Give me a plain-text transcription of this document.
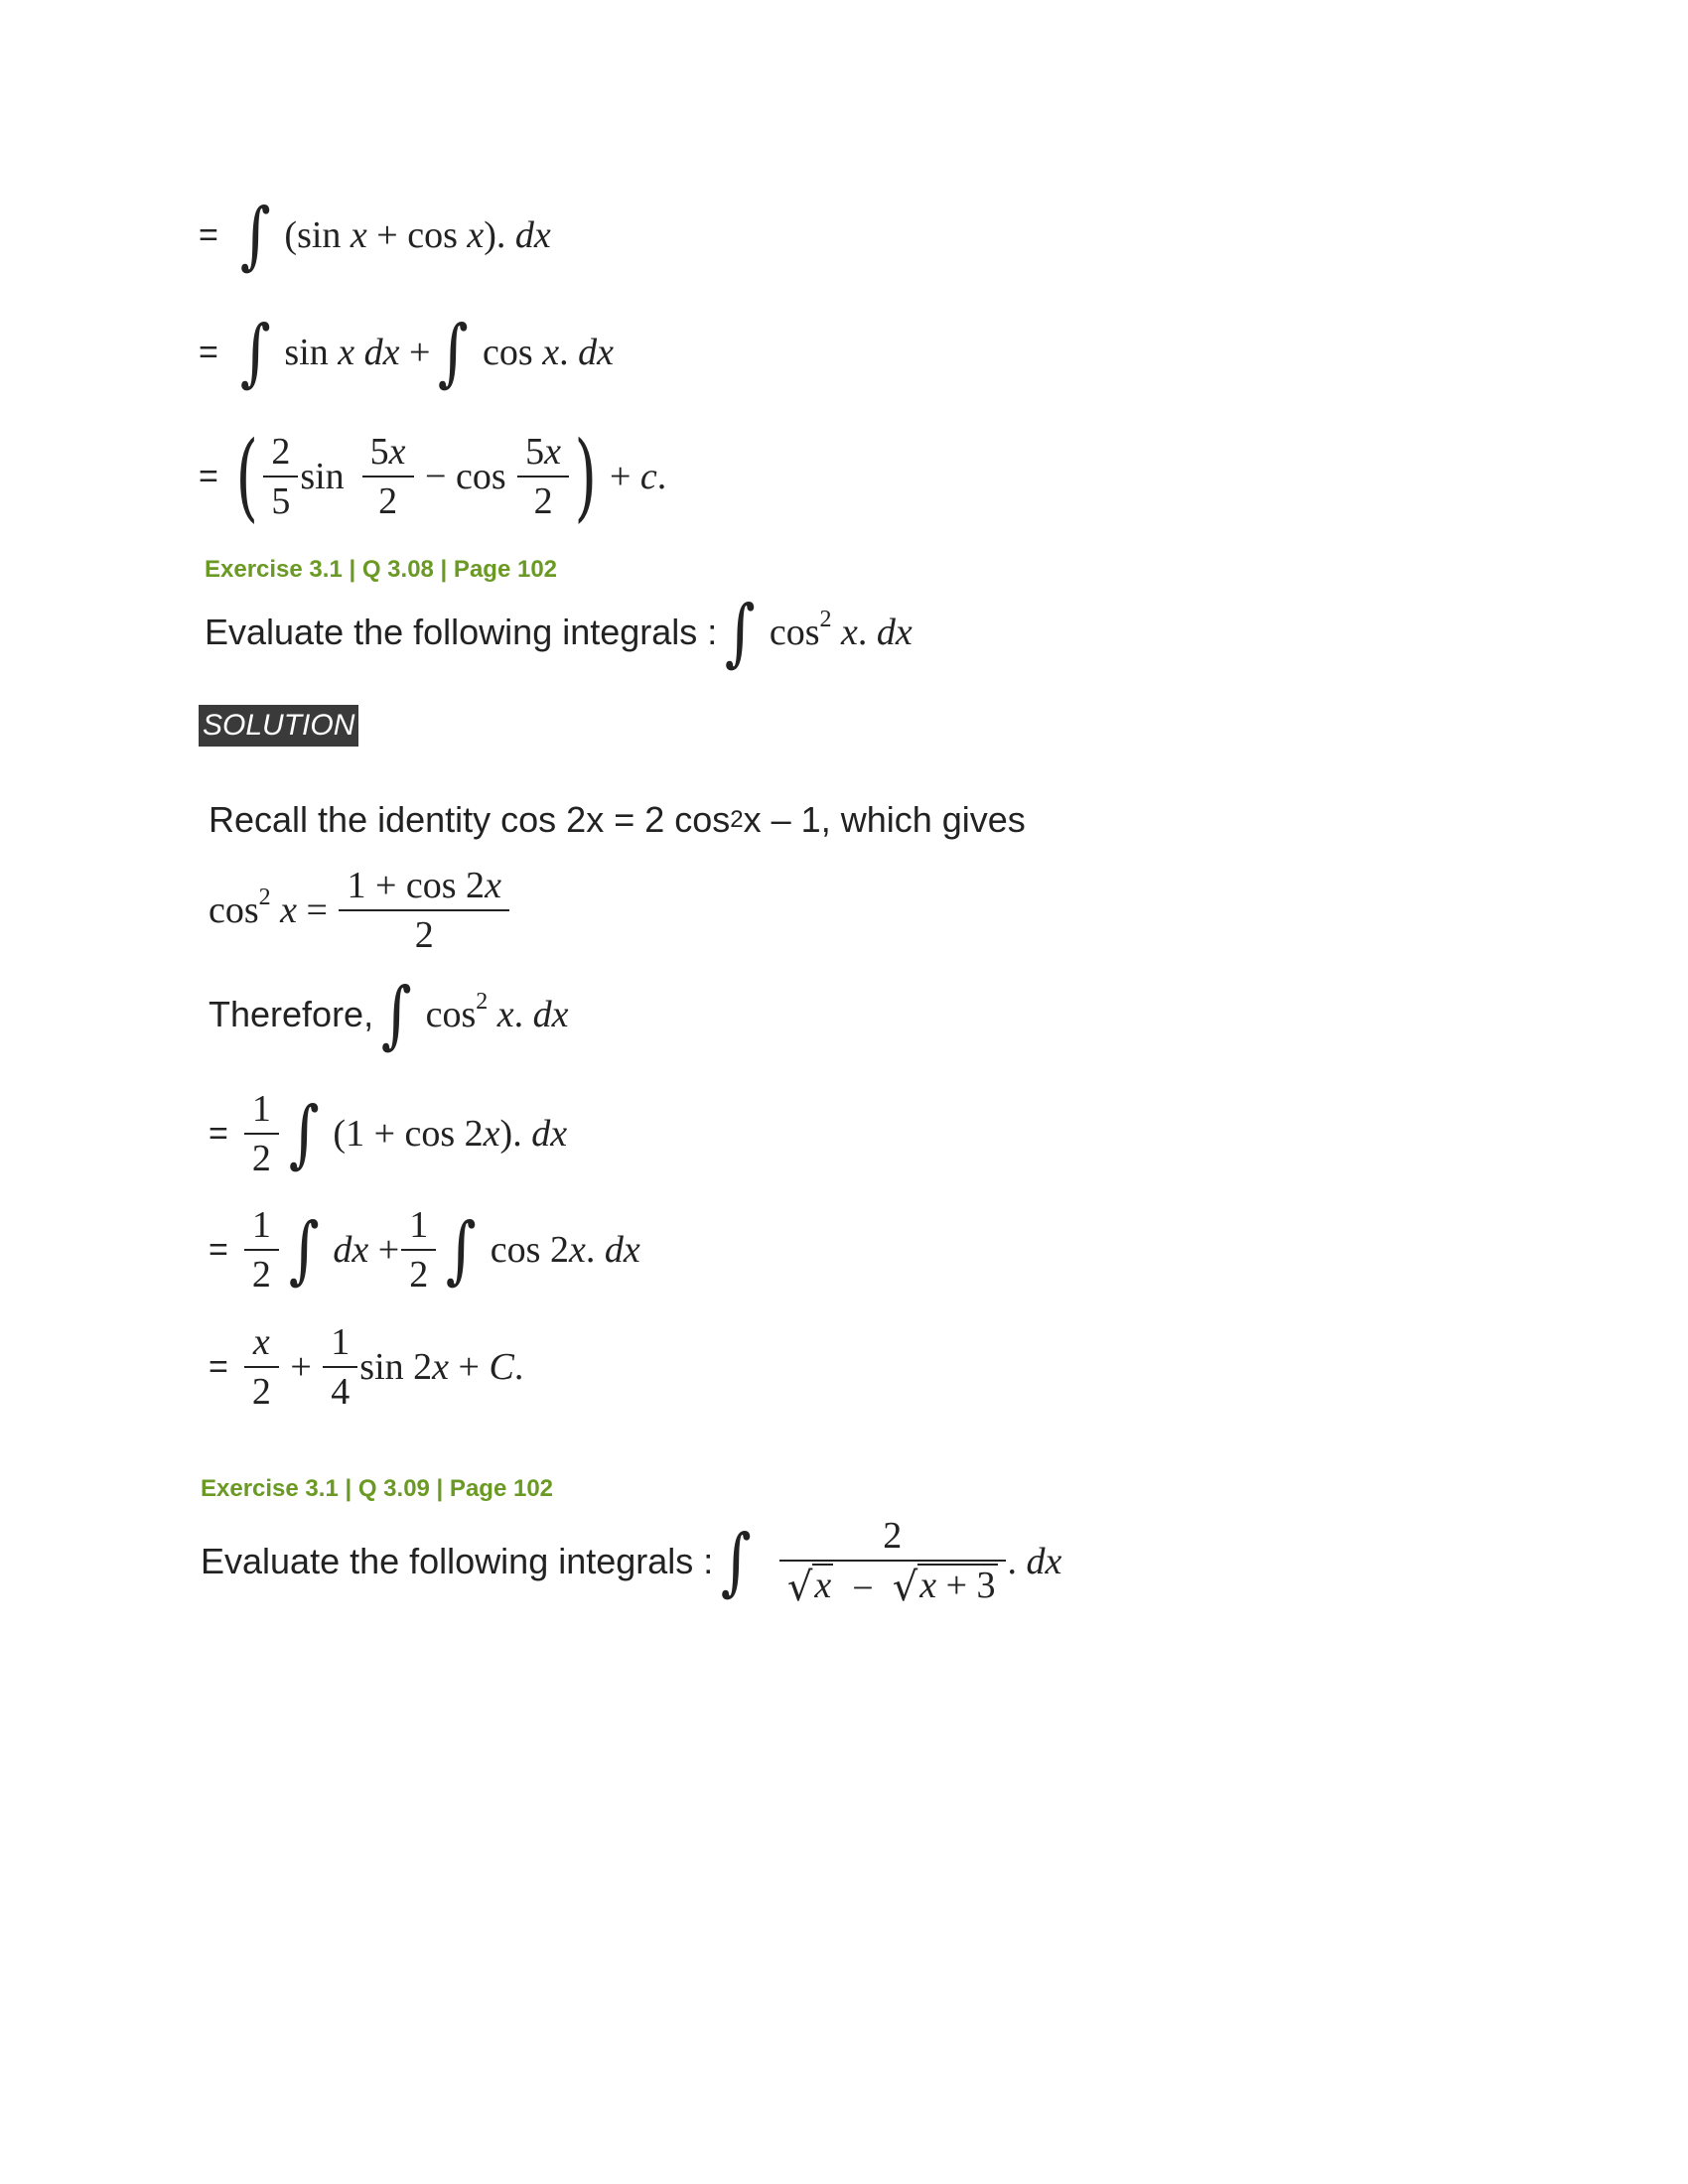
= ∫ (sin x + cos x). dx
= ∫ sin x dx + ∫ cos x. dx
= ( $\frac{2}{5}$ $\sin \frac{5x}{2} - \cos \frac{5x}{2}$ ) + c.
Exercise 3.1 | Q 3.08 | Page 102
Evaluate the following integrals : ∫ $\cos^2 x$. dx
SOLUTION
Recall the identity cos 2x = 2 cos 2 x – 1, which gives
$\cos^2 x = \frac{1 + \cos 2x}{2}$
Therefore, ∫ $\cos^2 x$. dx
= $\frac{1}{2}$ ∫ (1 + cos 2x). dx
= $\frac{1}{2}$ ∫ dx + $\frac{1}{2}$ ∫ cos 2x. dx
= $\frac{x}{2} + \frac{1}{4}$ sin 2x + C.
Exercise 3.1 | Q 3.09 | Page 102
Evaluate the following integrals : ∫ $\frac{2}{√ x - √ x + 3}$ . dx
